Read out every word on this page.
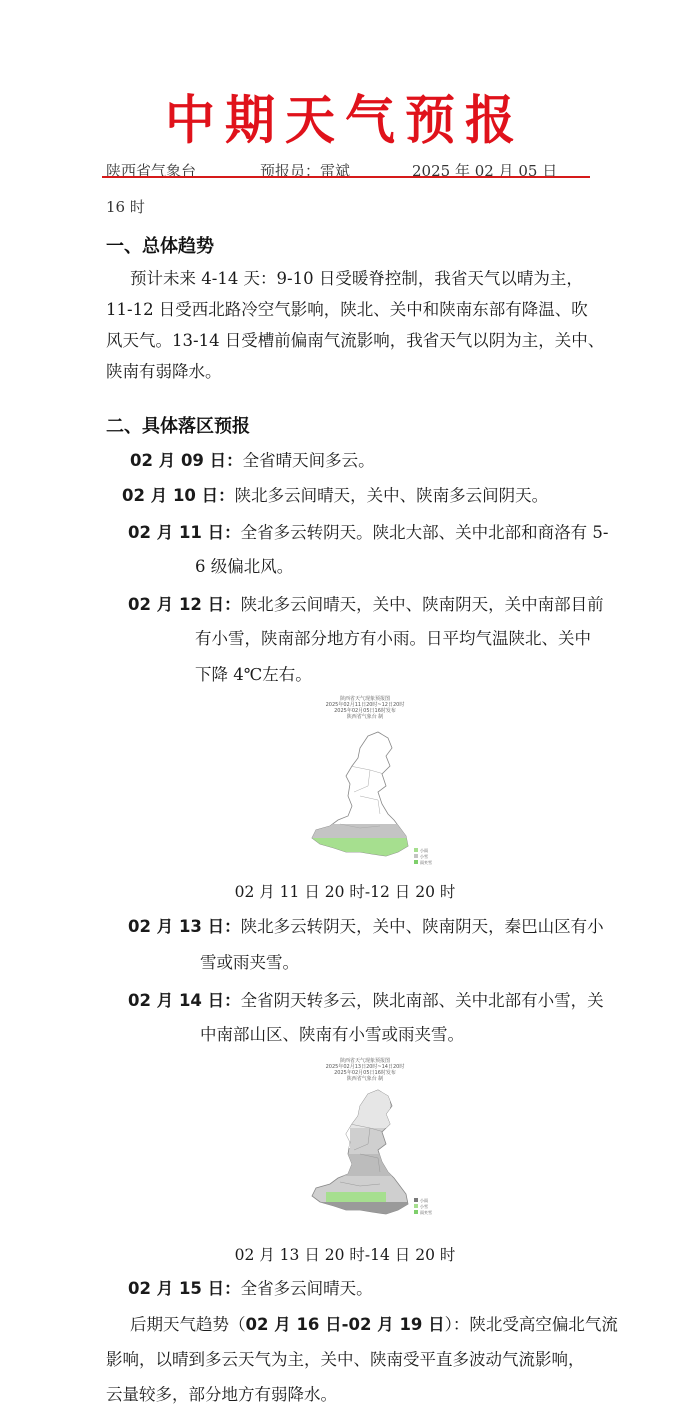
中期天气预报
陕西省气象台	预报员：雷斌	2025 年 02 月 05 日
16 时
一、总体趋势
预计未来 4-14 天：9-10 日受暖脊控制，我省天气以晴为主，
11-12 日受西北路冷空气影响，陕北、关中和陕南东部有降温、吹
风天气。13-14 日受槽前偏南气流影响，我省天气以阴为主，关中、
陕南有弱降水。
二、具体落区预报
02 月 09 日：全省晴天间多云。
02 月 10 日：陕北多云间晴天，关中、陕南多云间阴天。
02 月 11 日：全省多云转阴天。陕北大部、关中北部和商洛有 5-
6 级偏北风。
02 月 12 日：陕北多云间晴天，关中、陕南阴天，关中南部目前
有小雪，陕南部分地方有小雨。日平均气温陕北、关中
下降 4℃左右。
陕西省天气现象预报图
2025年02月11日20时~12日20时
2025年02月05日16时发布
陕西省气象台 制
小雨
小雪
雨夹雪
02 月 11 日 20 时-12 日 20 时
02 月 13 日：陕北多云转阴天，关中、陕南阴天，秦巴山区有小
雪或雨夹雪。
02 月 14 日：全省阴天转多云，陕北南部、关中北部有小雪，关
中南部山区、陕南有小雪或雨夹雪。
陕西省天气现象预报图
2025年02月13日20时~14日20时
2025年02月05日16时发布
陕西省气象台 制
小雨
小雪
雨夹雪
02 月 13 日 20 时-14 日 20 时
02 月 15 日：全省多云间晴天。
后期天气趋势（02 月 16 日-02 月 19 日）：陕北受高空偏北气流
影响，以晴到多云天气为主，关中、陕南受平直多波动气流影响，
云量较多，部分地方有弱降水。
